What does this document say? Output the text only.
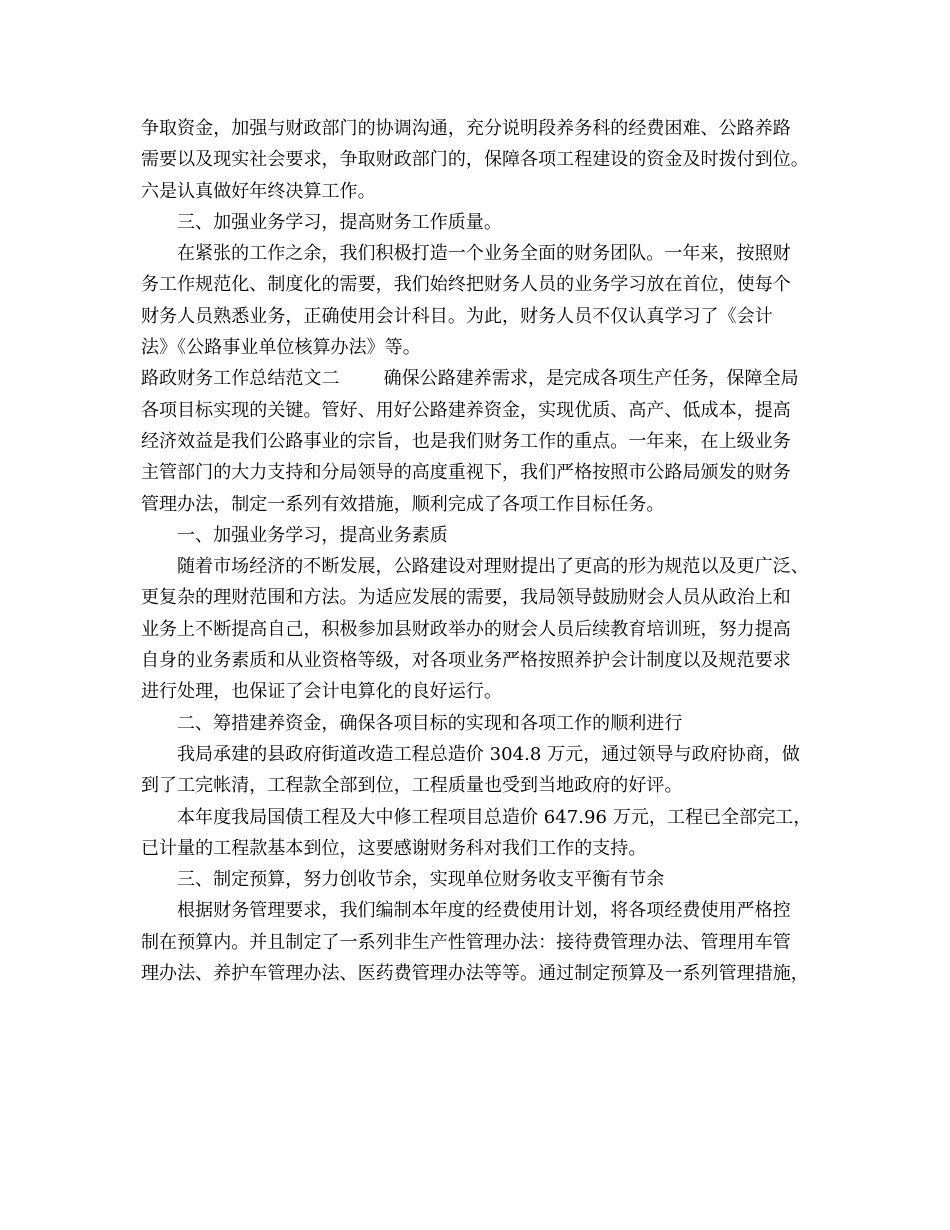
争取资金，加强与财政部门的协调沟通，充分说明段养务科的经费困难、公路养路
需要以及现实社会要求，争取财政部门的，保障各项工程建设的资金及时拨付到位。
六是认真做好年终决算工作。
三、加强业务学习，提高财务工作质量。
在紧张的工作之余，我们积极打造一个业务全面的财务团队。一年来，按照财
务工作规范化、制度化的需要，我们始终把财务人员的业务学习放在首位，使每个
财务人员熟悉业务，正确使用会计科目。为此，财务人员不仅认真学习了《会计
法》《公路事业单位核算办法》等。
路政财务工作总结范文二 确保公路建养需求，是完成各项生产任务，保障全局
各项目标实现的关键。管好、用好公路建养资金，实现优质、高产、低成本，提高
经济效益是我们公路事业的宗旨，也是我们财务工作的重点。一年来，在上级业务
主管部门的大力支持和分局领导的高度重视下，我们严格按照市公路局颁发的财务
管理办法，制定一系列有效措施，顺利完成了各项工作目标任务。
一、加强业务学习，提高业务素质
随着市场经济的不断发展，公路建设对理财提出了更高的形为规范以及更广泛、
更复杂的理财范围和方法。为适应发展的需要，我局领导鼓励财会人员从政治上和
业务上不断提高自己，积极参加县财政举办的财会人员后续教育培训班，努力提高
自身的业务素质和从业资格等级，对各项业务严格按照养护会计制度以及规范要求
进行处理，也保证了会计电算化的良好运行。
二、筹措建养资金，确保各项目标的实现和各项工作的顺利进行
我局承建的县政府街道改造工程总造价 304.8 万元，通过领导与政府协商，做
到了工完帐清，工程款全部到位，工程质量也受到当地政府的好评。
本年度我局国债工程及大中修工程项目总造价 647.96 万元，工程已全部完工，
已计量的工程款基本到位，这要感谢财务科对我们工作的支持。
三、制定预算，努力创收节余，实现单位财务收支平衡有节余
根据财务管理要求，我们编制本年度的经费使用计划，将各项经费使用严格控
制在预算内。并且制定了一系列非生产性管理办法：接待费管理办法、管理用车管
理办法、养护车管理办法、医药费管理办法等等。通过制定预算及一系列管理措施，
